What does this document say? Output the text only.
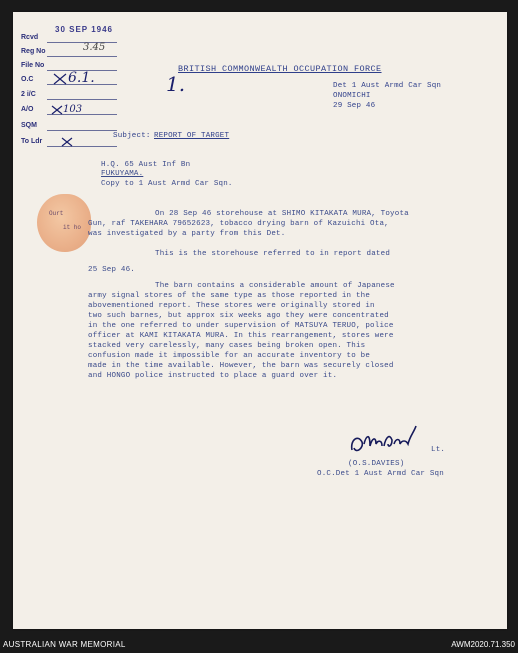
Rcvd
Reg No
File No
O.C
2 i/C
A/O
SQM
To Ldr
30 SEP 1946
3.45
6.1.
103
1.
BRITISH COMMONWEALTH OCCUPATION FORCE
Det 1 Aust Armd Car Sqn
ONOMICHI
29 Sep 46
Subject: REPORT OF TARGET
H.Q. 65 Aust Inf Bn
FUKUYAMA.
Copy to 1 Aust Armd Car Sqn.
Ourt
it ho
On 28 Sep 46 storehouse at SHIMO KITAKATA MURA, Toyota
Gun, raf TAKEHARA 79652623, tobacco drying barn of Kazuichi Ota,
was investigated by a party from this Det.
This is the storehouse referred to in report dated
25 Sep 46.
The barn contains a considerable amount of Japanese
army signal stores of the same type as those reported in the
abovementioned report. These stores were originally stored in
two such barnes, but approx six weeks ago they were concentrated
in the one referred to under supervision of MATSUYA TERUO, police
officer at KAMI KITAKATA MURA. In this rearrangement, stores were
stacked very carelessly, many cases being broken open. This
confusion made it impossible for an accurate inventory to be
made in the time available. However, the barn was securely closed
and HONGO police instructed to place a guard over it.
Lt.
(O.S.DAVIES)
O.C.Det 1 Aust Armd Car Sqn
AUSTRALIAN WAR MEMORIAL	AWM2020.71.350
